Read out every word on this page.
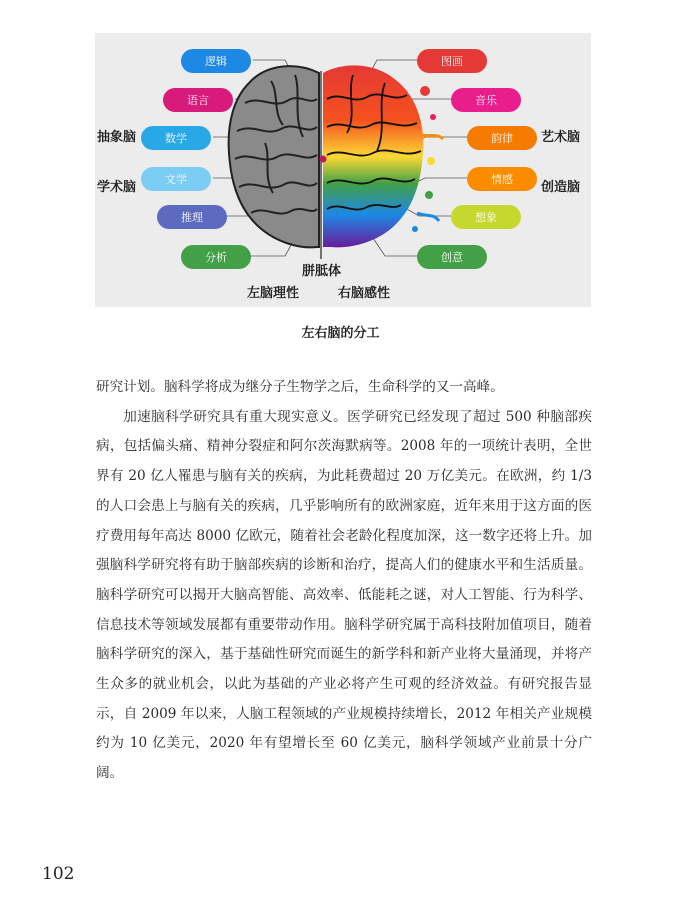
逻辑
语言
数学
文学
推理
分析
图画
音乐
韵律
情感
想象
创意
抽象脑
学术脑
艺术脑
创造脑
胼胝体
左脑理性	右脑感性
左右脑的分工

研究计划。脑科学将成为继分子生物学之后，生命科学的又一高峰。

加速脑科学研究具有重大现实意义。医学研究已经发现了超过 500 种脑部疾病，包括偏头痛、精神分裂症和阿尔茨海默病等。2008 年的一项统计表明，全世界有 20 亿人罹患与脑有关的疾病，为此耗费超过 20 万亿美元。在欧洲，约 1/3 的人口会患上与脑有关的疾病，几乎影响所有的欧洲家庭，近年来用于这方面的医疗费用每年高达 8000 亿欧元，随着社会老龄化程度加深，这一数字还将上升。加强脑科学研究将有助于脑部疾病的诊断和治疗，提高人们的健康水平和生活质量。脑科学研究可以揭开大脑高智能、高效率、低能耗之谜，对人工智能、行为科学、信息技术等领域发展都有重要带动作用。脑科学研究属于高科技附加值项目，随着脑科学研究的深入，基于基础性研究而诞生的新学科和新产业将大量涌现，并将产生众多的就业机会，以此为基础的产业必将产生可观的经济效益。有研究报告显示，自 2009 年以来，人脑工程领域的产业规模持续增长，2012 年相关产业规模约为 10 亿美元，2020 年有望增长至 60 亿美元，脑科学领域产业前景十分广阔。

102
